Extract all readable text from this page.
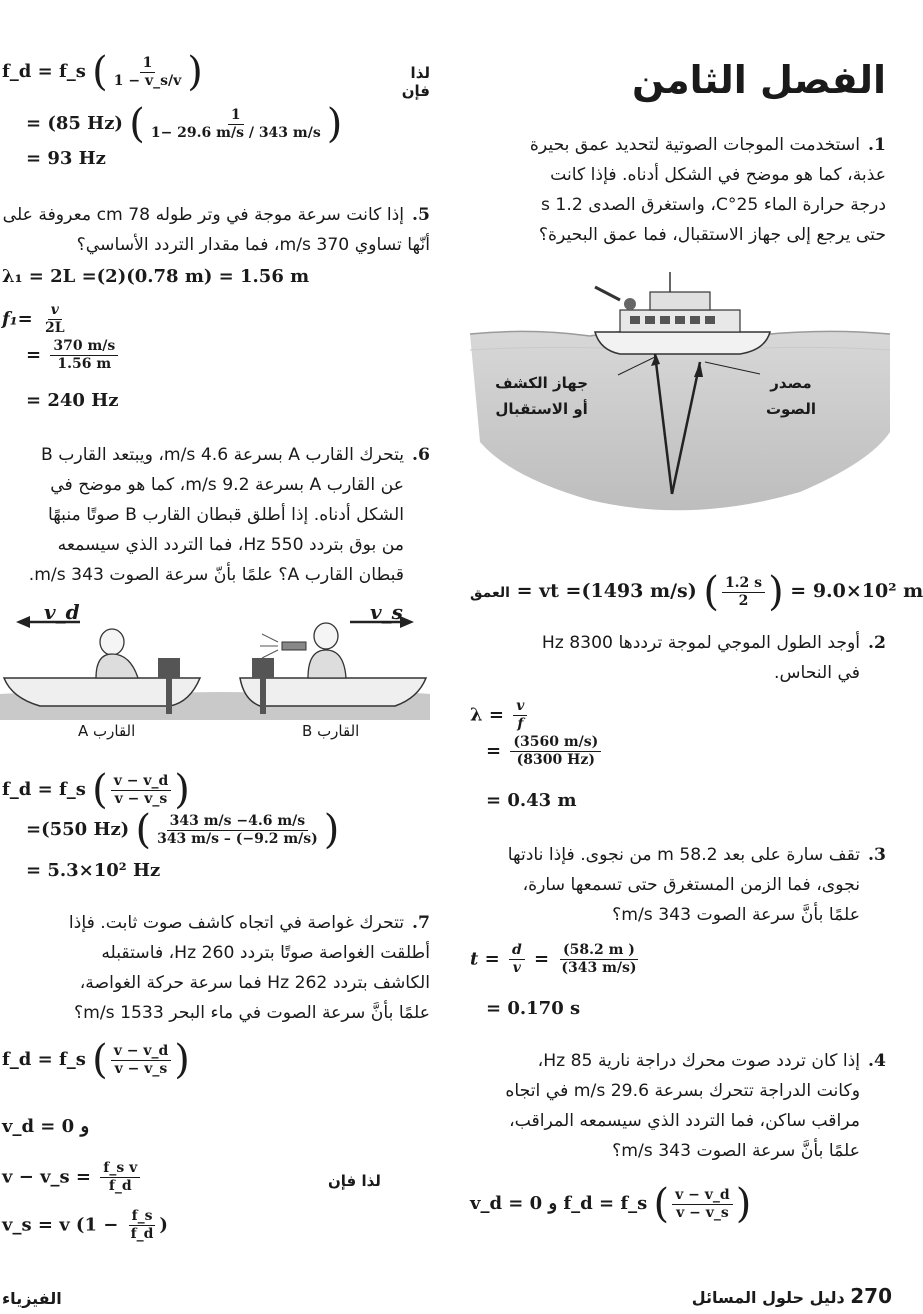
الفصل الثامن
1.استخدمت الموجات الصوتية لتحديد عمق بحيرة
عذبة، كما هو موضح في الشكل أدناه. فإذا كانت
درجة حرارة الماء 25°C، واستغرق الصدى 1.2 s
حتى يرجع إلى جهاز الاستقبال، فما عمق البحيرة؟
جهاز الكشف
أو الاستقبال
مصدر
الصوت
العمق = vt =(1493 m/s) ( $\frac{1.2 s}{2}$ ) = 9.0×10² m
2.أوجد الطول الموجي لموجة ترددها 8300 Hz
في النحاس.
$\lambda = \frac{v}{f}$
= $\frac{(3560 m/s)}{(8300 Hz)}$
= 0.43 m
3.تقف سارة على بعد 58.2 m من نجوى. فإذا نادتها
نجوى، فما الزمن المستغرق حتى تسمعها سارة،
علمًا بأنَّ سرعة الصوت 343 m/s؟
$t = \frac{d}{v} = \frac{(58.2 m )}{(343 m/s)}$
= 0.170 s
4.إذا كان تردد صوت محرك دراجة نارية 85 Hz،
وكانت الدراجة تتحرك بسرعة 29.6 m/s في اتجاه
مراقب ساكن، فما التردد الذي سيسمعه المراقب،
علمًا بأنَّ سرعة الصوت 343 m/s؟
v_d = 0 و f_d = f_s ( $\frac{v - v\_d}{v - v\_s}$ )
لذا فإن
f_d = f_s ( $\frac{1}{1 - v\_s/v}$ )
= (85 Hz) ( $\frac{1}{1- 29.6 m/s / 343 m/s}$ )
= 93 Hz
5.إذا كانت سرعة موجة في وتر طوله 78 cm معروفة على
أنّها تساوي 370 m/s، فما مقدار التردد الأساسي؟
λ₁ = 2L =(2)(0.78 m) = 1.56 m
$f_1= \frac{v}{2L}$
= $\frac{370 m/s}{1.56 m}$
= 240 Hz
6.يتحرك القارب A بسرعة 4.6 m/s، ويبتعد القارب B
عن القارب A بسرعة 9.2 m/s، كما هو موضح في
الشكل أدناه. إذا أطلق قبطان القارب B صوتًا منبهًا
من بوق بتردد 550 Hz، فما التردد الذي سيسمعه
قبطان القارب A؟ علمًا بأنّ سرعة الصوت 343 m/s.
v_d	v_s
القارب A	القارب B
f_d = f_s ( $\frac{v - v\_d}{v - v\_s}$ )
=(550 Hz) ( $\frac{343 m/s -4.6 m/s}{343 m/s - (-9.2 m/s)}$ )
= 5.3×10² Hz
7.تتحرك غواصة في اتجاه كاشف صوت ثابت. فإذا
أطلقت الغواصة صوتًا بتردد 260 Hz، فاستقبله
الكاشف بتردد 262 Hz فما سرعة حركة الغواصة،
علمًا بأنَّ سرعة الصوت في ماء البحر 1533 m/s؟
f_d = f_s ( $\frac{v - v\_d}{v - v\_s}$ )
v_d = 0 و
v − v_s = $\frac{\text{f\_s v}}{f\_d}$	لذا فإن
v_s = v ($1 - \frac{f\_s}{f\_d}$ )
الفيزياء	270 دليل حلول المسائل
